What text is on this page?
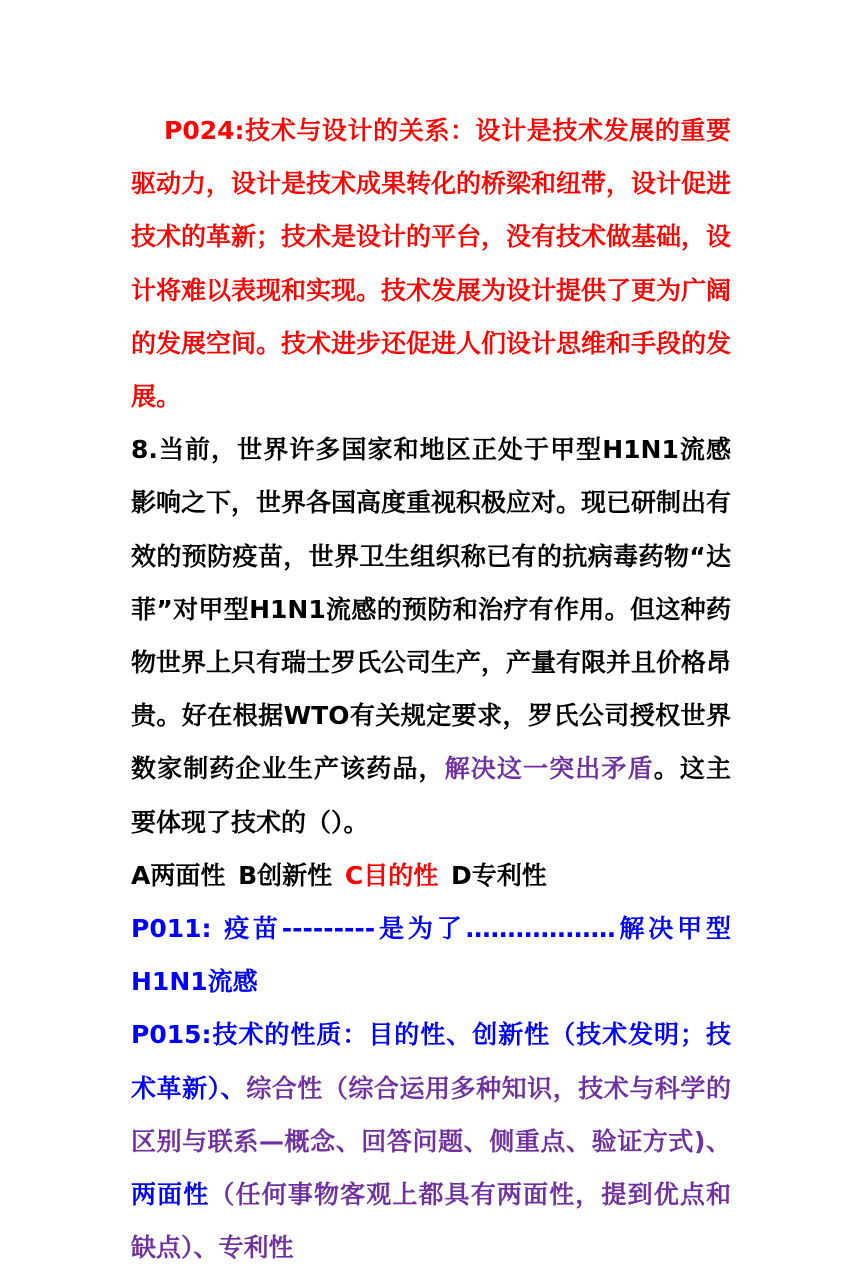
P024:技术与设计的关系：设计是技术发展的重要驱动力，设计是技术成果转化的桥梁和纽带，设计促进技术的革新；技术是设计的平台，没有技术做基础，设计将难以表现和实现。技术发展为设计提供了更为广阔的发展空间。技术进步还促进人们设计思维和手段的发展。

8.当前，世界许多国家和地区正处于甲型H1N1流感影响之下，世界各国高度重视积极应对。现已研制出有效的预防疫苗，世界卫生组织称已有的抗病毒药物“达菲”对甲型H1N1流感的预防和治疗有作用。但这种药物世界上只有瑞士罗氏公司生产，产量有限并且价格昂贵。好在根据WTO有关规定要求，罗氏公司授权世界数家制药企业生产该药品，解决这一突出矛盾。这主要体现了技术的（）。

A两面性 B创新性 C目的性 D专利性

P011: 疫苗---------是为了………………解决甲型H1N1流感

P015:技术的性质：目的性、创新性（技术发明；技术革新）、综合性（综合运用多种知识，技术与科学的区别与联系—概念、回答问题、侧重点、验证方式)、两面性（任何事物客观上都具有两面性，提到优点和缺点）、专利性
